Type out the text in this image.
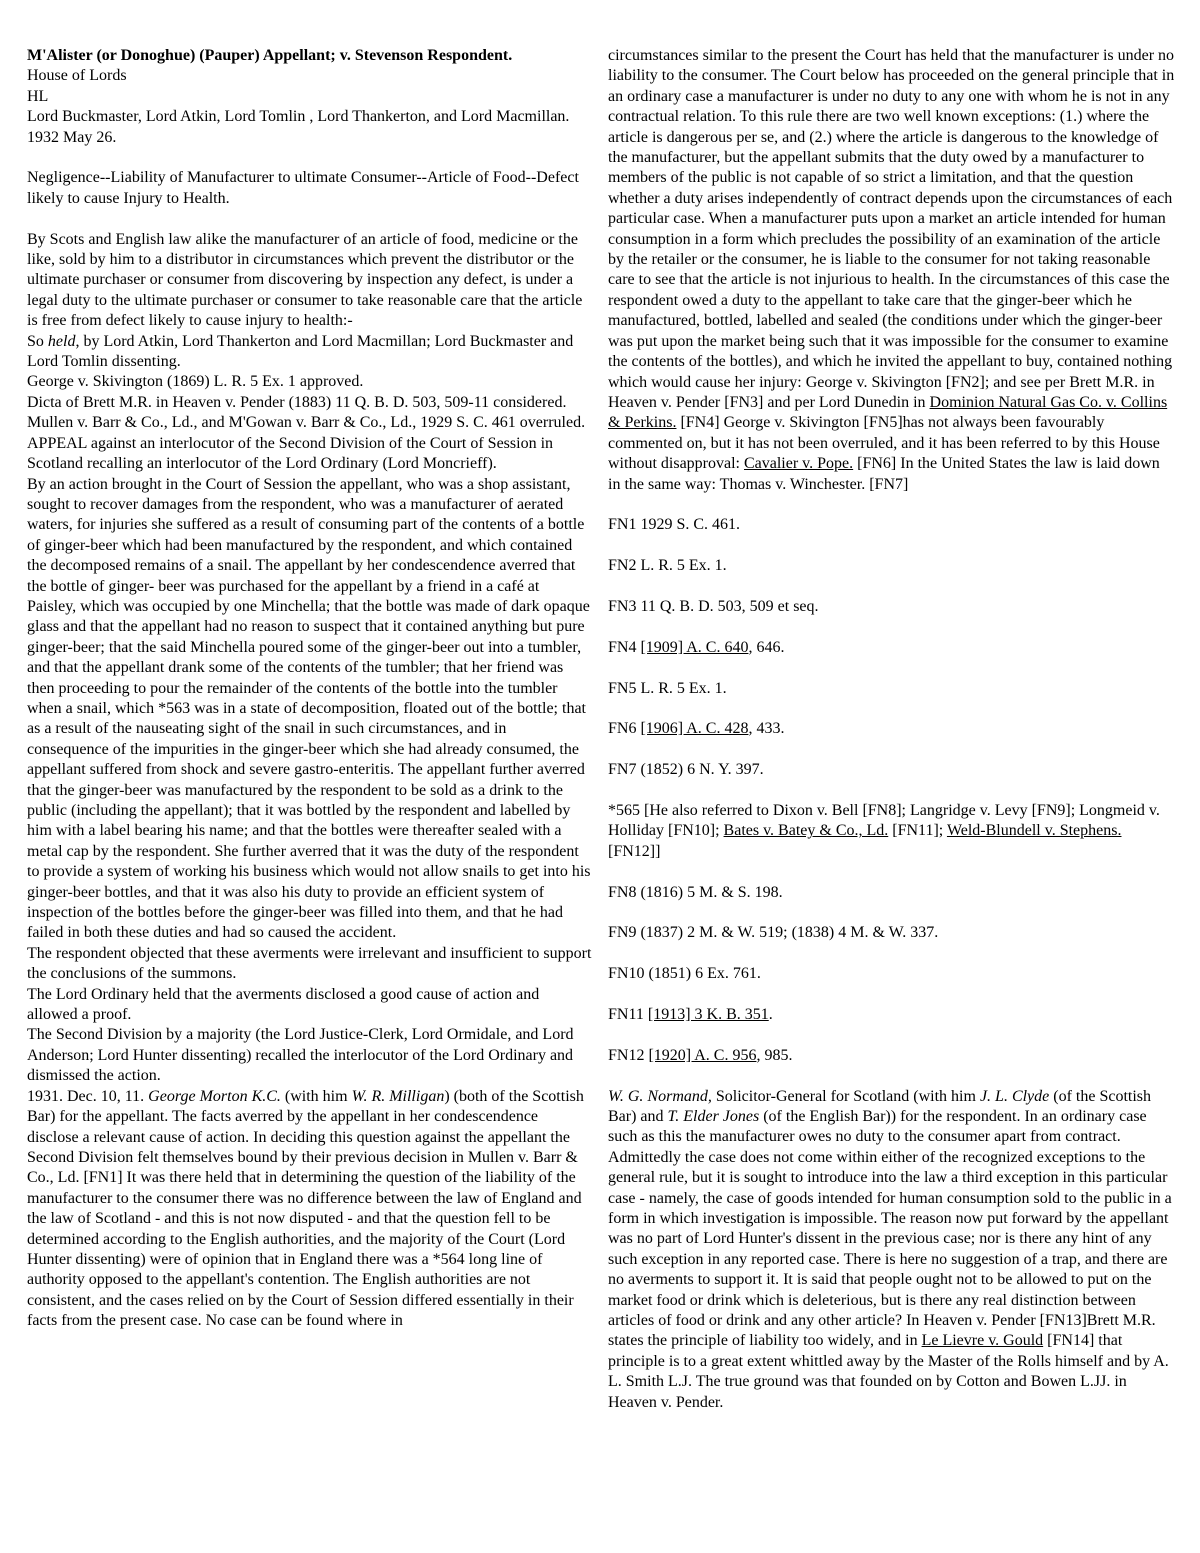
M'Alister (or Donoghue) (Pauper) Appellant; v. Stevenson Respondent.

House of Lords

HL

Lord Buckmaster, Lord Atkin, Lord Tomlin , Lord Thankerton, and Lord Macmillan.

1932 May 26.

Negligence--Liability of Manufacturer to ultimate Consumer--Article of Food--Defect likely to cause Injury to Health.

By Scots and English law alike the manufacturer of an article of food, medicine or the like, sold by him to a distributor in circumstances which prevent the distributor or the ultimate purchaser or consumer from discovering by inspection any defect, is under a legal duty to the ultimate purchaser or consumer to take reasonable care that the article is free from defect likely to cause injury to health:-

So held, by Lord Atkin, Lord Thankerton and Lord Macmillan; Lord Buckmaster and Lord Tomlin dissenting.

George v. Skivington (1869) L. R. 5 Ex. 1 approved.

Dicta of Brett M.R. in Heaven v. Pender (1883) 11 Q. B. D. 503, 509-11 considered.

Mullen v. Barr & Co., Ld., and M'Gowan v. Barr & Co., Ld., 1929 S. C. 461 overruled.

APPEAL against an interlocutor of the Second Division of the Court of Session in Scotland recalling an interlocutor of the Lord Ordinary (Lord Moncrieff).

By an action brought in the Court of Session the appellant, who was a shop assistant, sought to recover damages from the respondent, who was a manufacturer of aerated waters, for injuries she suffered as a result of consuming part of the contents of a bottle of ginger-beer which had been manufactured by the respondent, and which contained the decomposed remains of a snail. The appellant by her condescendence averred that the bottle of ginger- beer was purchased for the appellant by a friend in a café at Paisley, which was occupied by one Minchella; that the bottle was made of dark opaque glass and that the appellant had no reason to suspect that it contained anything but pure ginger-beer; that the said Minchella poured some of the ginger-beer out into a tumbler, and that the appellant drank some of the contents of the tumbler; that her friend was then proceeding to pour the remainder of the contents of the bottle into the tumbler when a snail, which *563 was in a state of decomposition, floated out of the bottle; that as a result of the nauseating sight of the snail in such circumstances, and in consequence of the impurities in the ginger-beer which she had already consumed, the appellant suffered from shock and severe gastro-enteritis. The appellant further averred that the ginger-beer was manufactured by the respondent to be sold as a drink to the public (including the appellant); that it was bottled by the respondent and labelled by him with a label bearing his name; and that the bottles were thereafter sealed with a metal cap by the respondent. She further averred that it was the duty of the respondent to provide a system of working his business which would not allow snails to get into his ginger-beer bottles, and that it was also his duty to provide an efficient system of inspection of the bottles before the ginger-beer was filled into them, and that he had failed in both these duties and had so caused the accident.

The respondent objected that these averments were irrelevant and insufficient to support the conclusions of the summons.

The Lord Ordinary held that the averments disclosed a good cause of action and allowed a proof.

The Second Division by a majority (the Lord Justice-Clerk, Lord Ormidale, and Lord Anderson; Lord Hunter dissenting) recalled the interlocutor of the Lord Ordinary and dismissed the action.

1931. Dec. 10, 11. George Morton K.C. (with him W. R. Milligan) (both of the Scottish Bar) for the appellant. The facts averred by the appellant in her condescendence disclose a relevant cause of action. In deciding this question against the appellant the Second Division felt themselves bound by their previous decision in Mullen v. Barr & Co., Ld. [FN1] It was there held that in determining the question of the liability of the manufacturer to the consumer there was no difference between the law of England and the law of Scotland - and this is not now disputed - and that the question fell to be determined according to the English authorities, and the majority of the Court (Lord Hunter dissenting) were of opinion that in England there was a *564 long line of authority opposed to the appellant's contention. The English authorities are not consistent, and the cases relied on by the Court of Session differed essentially in their facts from the present case. No case can be found where in

circumstances similar to the present the Court has held that the manufacturer is under no liability to the consumer. The Court below has proceeded on the general principle that in an ordinary case a manufacturer is under no duty to any one with whom he is not in any contractual relation. To this rule there are two well known exceptions: (1.) where the article is dangerous per se, and (2.) where the article is dangerous to the knowledge of the manufacturer, but the appellant submits that the duty owed by a manufacturer to members of the public is not capable of so strict a limitation, and that the question whether a duty arises independently of contract depends upon the circumstances of each particular case. When a manufacturer puts upon a market an article intended for human consumption in a form which precludes the possibility of an examination of the article by the retailer or the consumer, he is liable to the consumer for not taking reasonable care to see that the article is not injurious to health. In the circumstances of this case the respondent owed a duty to the appellant to take care that the ginger-beer which he manufactured, bottled, labelled and sealed (the conditions under which the ginger-beer was put upon the market being such that it was impossible for the consumer to examine the contents of the bottles), and which he invited the appellant to buy, contained nothing which would cause her injury: George v. Skivington [FN2]; and see per Brett M.R. in Heaven v. Pender [FN3] and per Lord Dunedin in Dominion Natural Gas Co. v. Collins & Perkins. [FN4] George v. Skivington [FN5]has not always been favourably commented on, but it has not been overruled, and it has been referred to by this House without disapproval: Cavalier v. Pope. [FN6] In the United States the law is laid down in the same way: Thomas v. Winchester. [FN7]

FN1 1929 S. C. 461.

FN2 L. R. 5 Ex. 1.

FN3 11 Q. B. D. 503, 509 et seq.

FN4 [1909] A. C. 640, 646.

FN5 L. R. 5 Ex. 1.

FN6 [1906] A. C. 428, 433.

FN7 (1852) 6 N. Y. 397.

*565 [He also referred to Dixon v. Bell [FN8]; Langridge v. Levy [FN9]; Longmeid v. Holliday [FN10]; Bates v. Batey & Co., Ld. [FN11]; Weld-Blundell v. Stephens. [FN12]]

FN8 (1816) 5 M. & S. 198.

FN9 (1837) 2 M. & W. 519; (1838) 4 M. & W. 337.

FN10 (1851) 6 Ex. 761.

FN11 [1913] 3 K. B. 351.

FN12 [1920] A. C. 956, 985.

W. G. Normand, Solicitor-General for Scotland (with him J. L. Clyde (of the Scottish Bar) and T. Elder Jones (of the English Bar)) for the respondent. In an ordinary case such as this the manufacturer owes no duty to the consumer apart from contract. Admittedly the case does not come within either of the recognized exceptions to the general rule, but it is sought to introduce into the law a third exception in this particular case - namely, the case of goods intended for human consumption sold to the public in a form in which investigation is impossible. The reason now put forward by the appellant was no part of Lord Hunter's dissent in the previous case; nor is there any hint of any such exception in any reported case. There is here no suggestion of a trap, and there are no averments to support it. It is said that people ought not to be allowed to put on the market food or drink which is deleterious, but is there any real distinction between articles of food or drink and any other article? In Heaven v. Pender [FN13]Brett M.R. states the principle of liability too widely, and in Le Lievre v. Gould [FN14] that principle is to a great extent whittled away by the Master of the Rolls himself and by A. L. Smith L.J. The true ground was that founded on by Cotton and Bowen L.JJ. in Heaven v. Pender.
